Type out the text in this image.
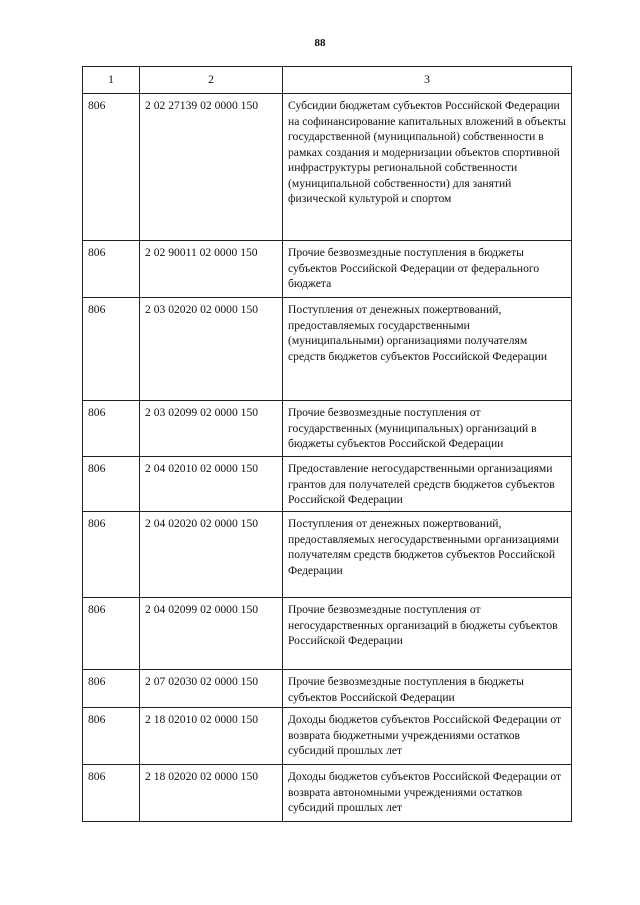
88
1	2	3
806	2 02 27139 02 0000 150	Субсидии бюджетам субъектов Российской Федерации на софинансирование капитальных вложений в объекты государственной (муниципальной) собственности в рамках создания и модернизации объектов спортивной инфраструктуры региональной собственности (муниципальной собственности) для занятий физической культурой и спортом
806	2 02 90011 02 0000 150	Прочие безвозмездные поступления в бюджеты субъектов Российской Федерации от федерального бюджета
806	2 03 02020 02 0000 150	Поступления от денежных пожертвований, предоставляемых государственными (муниципальными) организациями получателям средств бюджетов субъектов Российской Федерации
806	2 03 02099 02 0000 150	Прочие безвозмездные поступления от государственных (муниципальных) организаций в бюджеты субъектов Российской Федерации
806	2 04 02010 02 0000 150	Предоставление негосударственными организациями грантов для получателей средств бюджетов субъектов Российской Федерации
806	2 04 02020 02 0000 150	Поступления от денежных пожертвований, предоставляемых негосударственными организациями получателям средств бюджетов субъектов Российской Федерации
806	2 04 02099 02 0000 150	Прочие безвозмездные поступления от негосударственных организаций в бюджеты субъектов Российской Федерации
806	2 07 02030 02 0000 150	Прочие безвозмездные поступления в бюджеты субъектов Российской Федерации
806	2 18 02010 02 0000 150	Доходы бюджетов субъектов Российской Федерации от возврата бюджетными учреждениями остатков субсидий прошлых лет
806	2 18 02020 02 0000 150	Доходы бюджетов субъектов Российской Федерации от возврата автономными учреждениями остатков субсидий прошлых лет
